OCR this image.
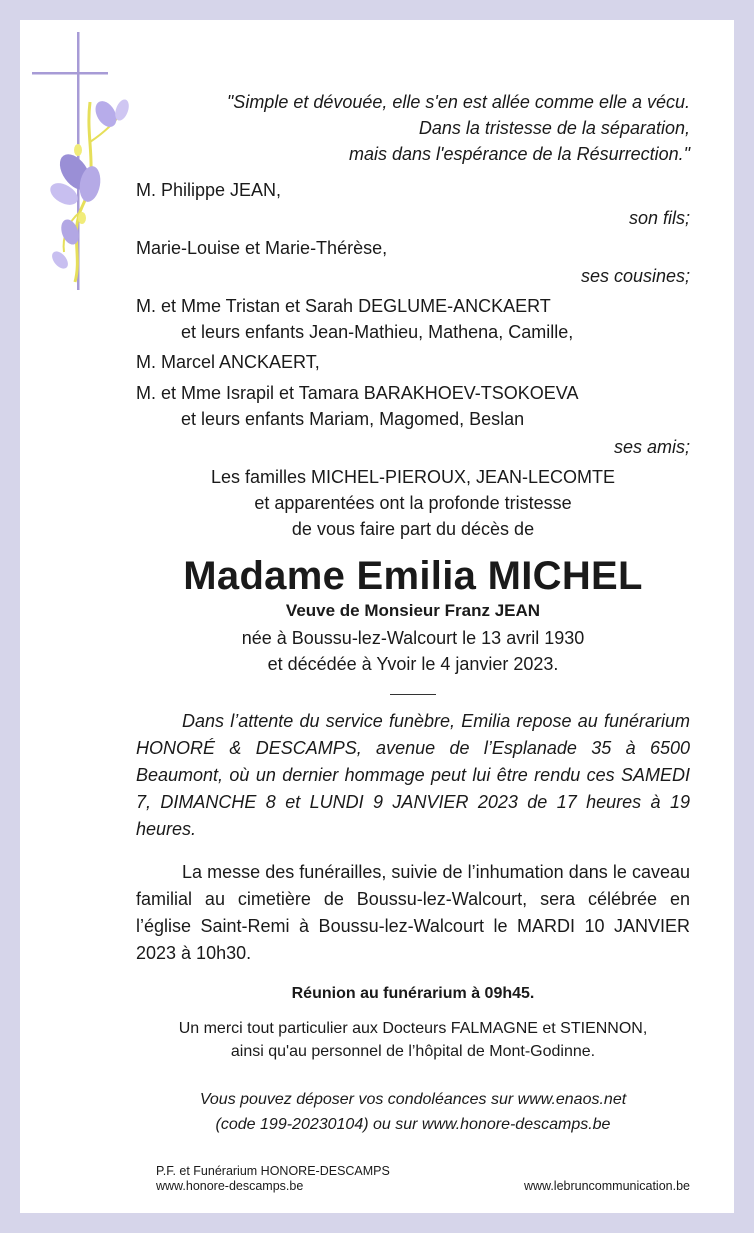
"Simple et dévouée, elle s'en est allée comme elle a vécu.
Dans la tristesse de la séparation,
mais dans l'espérance de la Résurrection."
M. Philippe JEAN,
son fils;
Marie-Louise et Marie-Thérèse,
ses cousines;
M. et Mme Tristan et Sarah DEGLUME-ANCKAERT
et leurs enfants Jean-Mathieu, Mathena, Camille,
M. Marcel ANCKAERT,
M. et Mme Israpil et Tamara BARAKHOEV-TSOKOEVA
et leurs enfants Mariam, Magomed, Beslan
ses amis;
Les familles MICHEL-PIEROUX, JEAN-LECOMTE
et apparentées ont la profonde tristesse
de vous faire part du décès de
Madame Emilia MICHEL
Veuve de Monsieur Franz JEAN
née à Boussu-lez-Walcourt le 13 avril 1930
et décédée à Yvoir le 4 janvier 2023.
Dans l’attente du service funèbre, Emilia repose au funérarium HONORÉ & DESCAMPS, avenue de l’Esplanade 35 à 6500 Beaumont, où un dernier hommage peut lui être rendu ces SAMEDI 7, DIMANCHE 8 et LUNDI 9 JANVIER 2023 de 17 heures à 19 heures.
La messe des funérailles, suivie de l’inhumation dans le caveau familial au cimetière de Boussu-lez-Walcourt, sera célébrée en l’église Saint-Remi à Boussu-lez-Walcourt le MARDI 10 JANVIER 2023 à 10h30.
Réunion au funérarium à 09h45.
Un merci tout particulier aux Docteurs FALMAGNE et STIENNON,
ainsi qu'au personnel de l’hôpital de Mont-Godinne.
Vous pouvez déposer vos condoléances sur www.enaos.net
(code 199-20230104) ou sur www.honore-descamps.be
P.F. et Funérarium HONORE-DESCAMPS
www.honore-descamps.be	www.lebruncommunication.be
